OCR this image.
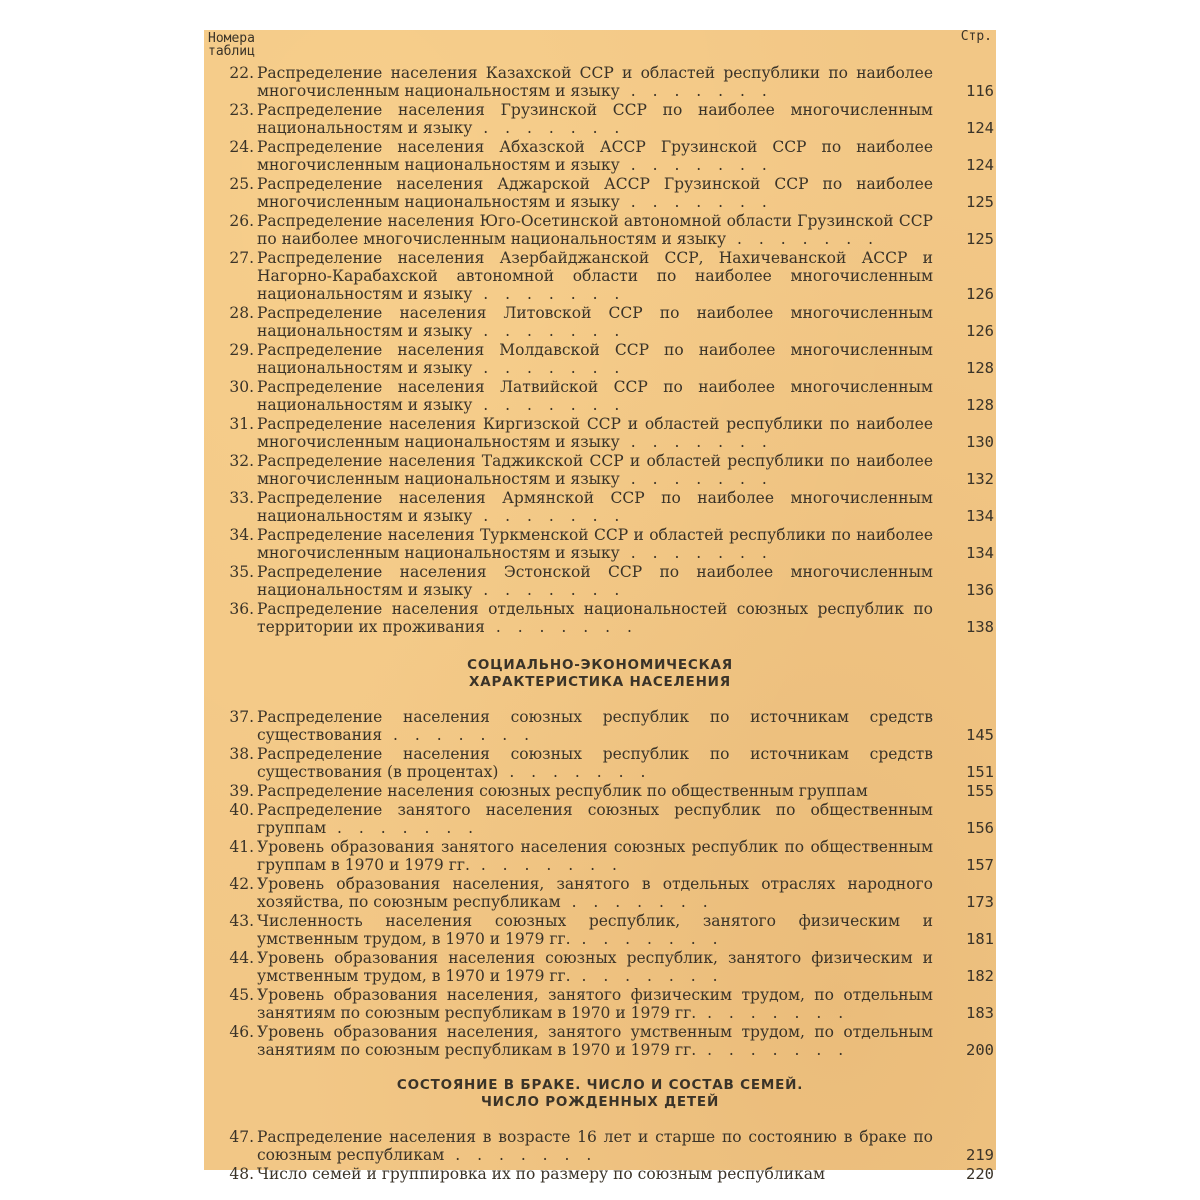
Номера
таблиц
Стр.
22. Распределение населения Казахской ССР и областей республики по наиболее многочисленным национальностям и языку . . . . . . .	116
23. Распределение населения Грузинской ССР по наиболее многочисленным национальностям и языку . . . . . . .	124
24. Распределение населения Абхазской АССР Грузинской ССР по наиболее многочисленным национальностям и языку . . . . . . .	124
25. Распределение населения Аджарской АССР Грузинской ССР по наиболее многочисленным национальностям и языку . . . . . . .	125
26. Распределение населения Юго-Осетинской автономной области Грузинской ССР по наиболее многочисленным национальностям и языку . . . . . . .	125
27. Распределение населения Азербайджанской ССР, Нахичеванской АССР и Нагорно-Карабахской автономной области по наиболее многочисленным национальностям и языку . . . . . . .	126
28. Распределение населения Литовской ССР по наиболее многочисленным национальностям и языку . . . . . . .	126
29. Распределение населения Молдавской ССР по наиболее многочисленным национальностям и языку . . . . . . .	128
30. Распределение населения Латвийской ССР по наиболее многочисленным национальностям и языку . . . . . . .	128
31. Распределение населения Киргизской ССР и областей республики по наиболее многочисленным национальностям и языку . . . . . . .	130
32. Распределение населения Таджикской ССР и областей республики по наиболее многочисленным национальностям и языку . . . . . . .	132
33. Распределение населения Армянской ССР по наиболее многочисленным национальностям и языку . . . . . . .	134
34. Распределение населения Туркменской ССР и областей республики по наиболее многочисленным национальностям и языку . . . . . . .	134
35. Распределение населения Эстонской ССР по наиболее многочисленным национальностям и языку . . . . . . .	136
36. Распределение населения отдельных национальностей союзных республик по территории их проживания . . . . . . .	138
СОЦИАЛЬНО-ЭКОНОМИЧЕСКАЯ
ХАРАКТЕРИСТИКА НАСЕЛЕНИЯ
37. Распределение населения союзных республик по источникам средств существования . . . . . . .	145
38. Распределение населения союзных республик по источникам средств существования (в процентах) . . . . . . .	151
39. Распределение населения союзных республик по общественным группам	155
40. Распределение занятого населения союзных республик по общественным группам . . . . . . .	156
41. Уровень образования занятого населения союзных республик по общественным группам в 1970 и 1979 гг. . . . . . . .	157
42. Уровень образования населения, занятого в отдельных отраслях народного хозяйства, по союзным республикам . . . . . . .	173
43. Численность населения союзных республик, занятого физическим и умственным трудом, в 1970 и 1979 гг. . . . . . . .	181
44. Уровень образования населения союзных республик, занятого физическим и умственным трудом, в 1970 и 1979 гг. . . . . . . .	182
45. Уровень образования населения, занятого физическим трудом, по отдельным занятиям по союзным республикам в 1970 и 1979 гг. . . . . . . .	183
46. Уровень образования населения, занятого умственным трудом, по отдельным занятиям по союзным республикам в 1970 и 1979 гг. . . . . . . .	200
СОСТОЯНИЕ В БРАКЕ. ЧИСЛО И СОСТАВ СЕМЕЙ.
ЧИСЛО РОЖДЕННЫХ ДЕТЕЙ
47. Распределение населения в возрасте 16 лет и старше по состоянию в браке по союзным республикам . . . . . . .	219
48. Число семей и группировка их по размеру по союзным республикам	220
